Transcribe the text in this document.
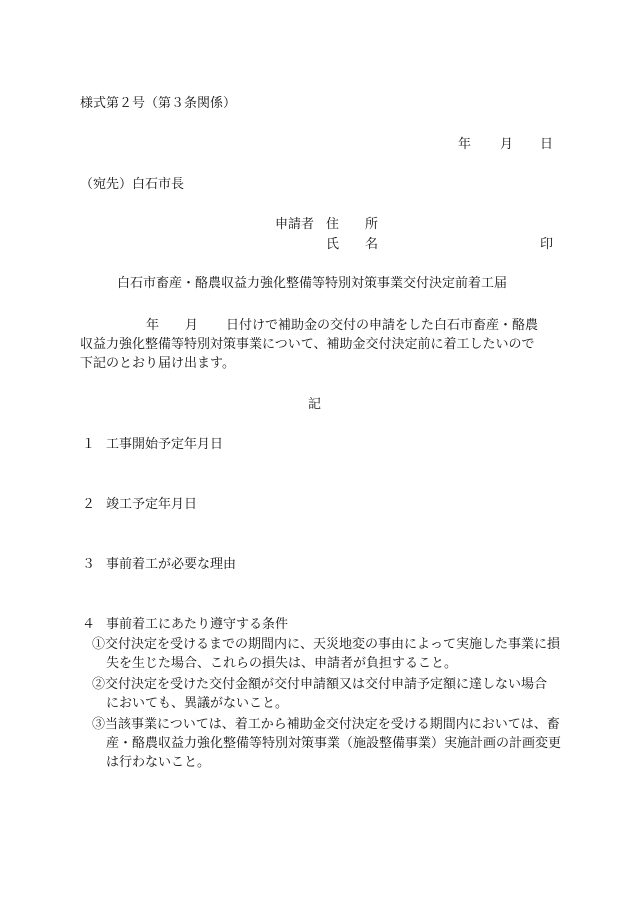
様式第２号（第３条関係）
年 月 日
（宛先）白石市長
申請者 住　　所
氏　　名	印
白石市畜産・酪農収益力強化整備等特別対策事業交付決定前着工届
年 月 日付けで補助金の交付の申請をした白石市畜産・酪農
収益力強化整備等特別対策事業について、補助金交付決定前に着工したいので
下記のとおり届け出ます。
記
１ 工事開始予定年月日
２ 竣工予定年月日
３ 事前着工が必要な理由
４ 事前着工にあたり遵守する条件
①交付決定を受けるまでの期間内に、天災地変の事由によって実施した事業に損
失を生じた場合、これらの損失は、申請者が負担すること。
②交付決定を受けた交付金額が交付申請額又は交付申請予定額に達しない場合
においても、異議がないこと。
③当該事業については、着工から補助金交付決定を受ける期間内においては、畜
産・酪農収益力強化整備等特別対策事業（施設整備事業）実施計画の計画変更
は行わないこと。
